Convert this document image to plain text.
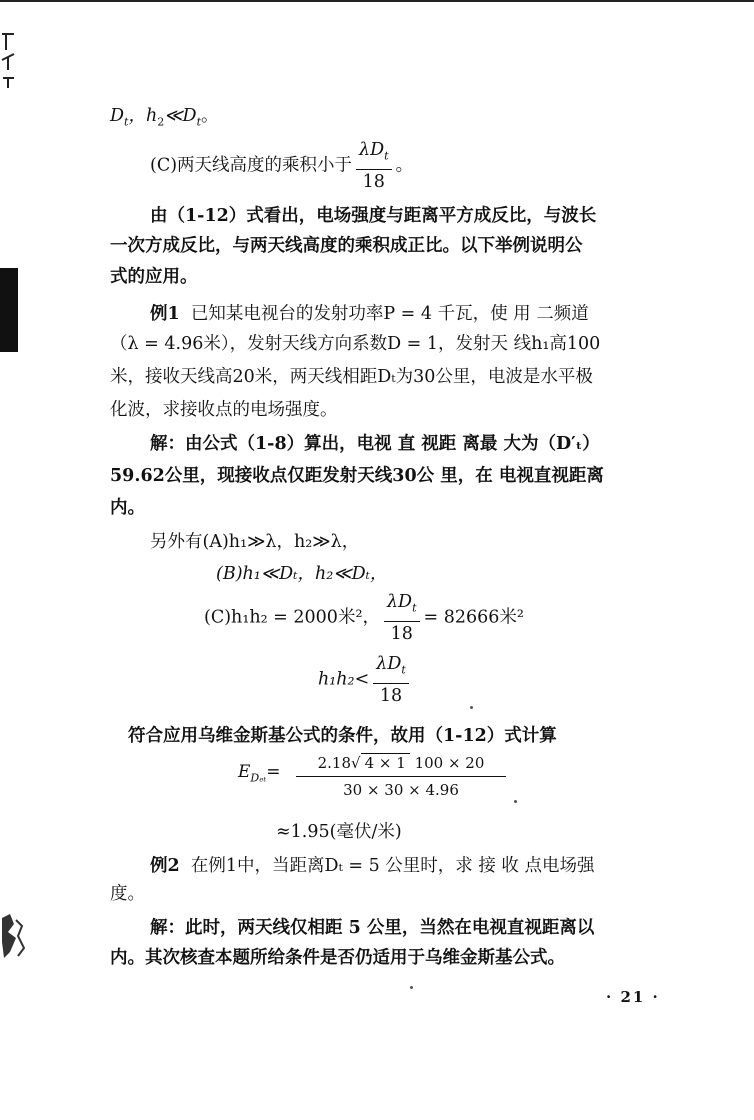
$D_t$，$h_2≪D_t$。
(C)两天线高度的乘积小于 $\frac{\lambda D_t}{18}$ 。
由（1-12）式看出，电场强度与距离平方成反比，与波长
一次方成反比，与两天线高度的乘积成正比。以下举例说明公
式的应用。
例1 已知某电视台的发射功率P = 4 千瓦，使 用 二频道
（λ = 4.96米），发射天线方向系数D = 1，发射天 线h₁高100
米，接收天线高20米，两天线相距Dₜ为30公里，电波是水平极
化波，求接收点的电场强度。
解：由公式（1-8）算出，电视 直 视距 离最 大为（D′ₜ）
59.62公里，现接收点仅距发射天线30公 里，在 电视直视距离
内。
另外有(A)h₁≫λ，h₂≫λ，
(B)h₁≪Dₜ，h₂≪Dₜ，
(C)h₁h₂ = 2000米²， $\frac{\lambda D_t}{18} = 82666$米²
$h_1h_2< \frac{\lambda D_t}{18}$
符合应用乌维金斯基公式的条件，故用（1-12）式计算
$E_{D_{et}}= \frac{2.18√ 4 \times 1 100 \times 20}{30 \times 30 \times 4.96}$
≈1.95(毫伏/米)
例2 在例1中，当距离Dₜ = 5 公里时，求 接 收 点电场强
度。
解：此时，两天线仅相距 5 公里，当然在电视直视距离以
内。其次核查本题所给条件是否仍适用于乌维金斯基公式。
· 21 ·
